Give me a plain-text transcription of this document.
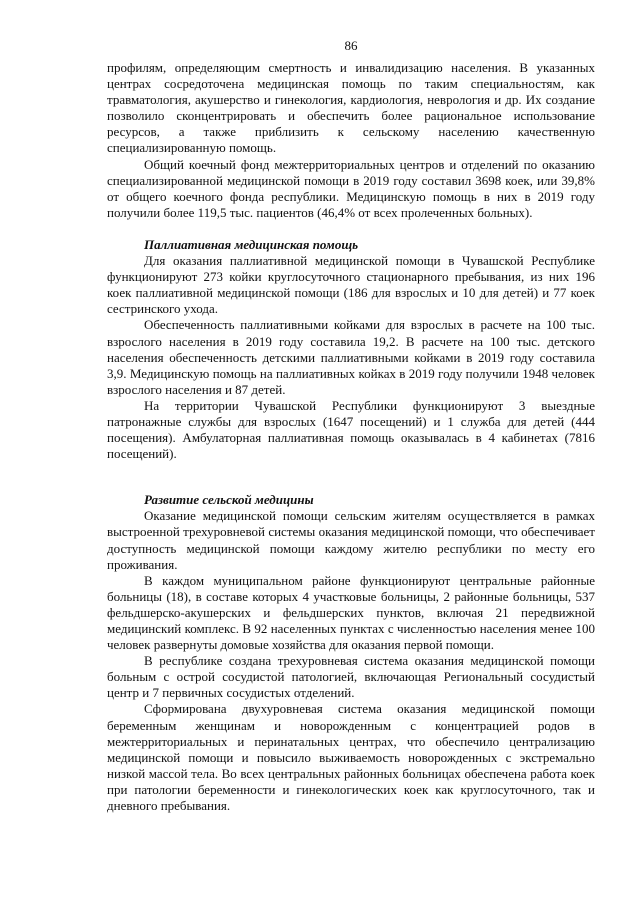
86

профилям, определяющим смертность и инвалидизацию населения. В указанных центрах сосредоточена медицинская помощь по таким специальностям, как травматология, акушерство и гинекология, кардиология, неврология и др. Их создание позволило сконцентрировать и обеспечить более рациональное использование ресурсов, а также приблизить к сельскому населению качественную специализированную помощь.

Общий коечный фонд межтерриториальных центров и отделений по оказанию специализированной медицинской помощи в 2019 году составил 3698 коек, или 39,8% от общего коечного фонда республики. Медицинскую помощь в них в 2019 году получили более 119,5 тыс. пациентов (46,4% от всех пролеченных больных).

Паллиативная медицинская помощь

Для оказания паллиативной медицинской помощи в Чувашской Республике функционируют 273 койки круглосуточного стационарного пребывания, из них 196 коек паллиативной медицинской помощи (186 для взрослых и 10 для детей) и 77 коек сестринского ухода.

Обеспеченность паллиативными койками для взрослых в расчете на 100 тыс. взрослого населения в 2019 году составила 19,2. В расчете на 100 тыс. детского населения обеспеченность детскими паллиативными койками в 2019 году составила 3,9. Медицинскую помощь на паллиативных койках в 2019 году получили 1948 человек взрослого населения и 87 детей.

На территории Чувашской Республики функционируют 3 выездные патронажные службы для взрослых (1647 посещений) и 1 служба для детей (444 посещения). Амбулаторная паллиативная помощь оказывалась в 4 кабинетах (7816 посещений).

Развитие сельской медицины

Оказание медицинской помощи сельским жителям осуществляется в рамках выстроенной трехуровневой системы оказания медицинской помощи, что обеспечивает доступность медицинской помощи каждому жителю республики по месту его проживания.

В каждом муниципальном районе функционируют центральные районные больницы (18), в составе которых 4 участковые больницы, 2 районные больницы, 537 фельдшерско-акушерских и фельдшерских пунктов, включая 21 передвижной медицинский комплекс. В 92 населенных пунктах с численностью населения менее 100 человек развернуты домовые хозяйства для оказания первой помощи.

В республике создана трехуровневая система оказания медицинской помощи больным с острой сосудистой патологией, включающая Региональный сосудистый центр и 7 первичных сосудистых отделений.

Сформирована двухуровневая система оказания медицинской помощи беременным женщинам и новорожденным с концентрацией родов в межтерриториальных и перинатальных центрах, что обеспечило централизацию медицинской помощи и повысило выживаемость новорожденных с экстремально низкой массой тела. Во всех центральных районных больницах обеспечена работа коек при патологии беременности и гинекологических коек как круглосуточного, так и дневного пребывания.
